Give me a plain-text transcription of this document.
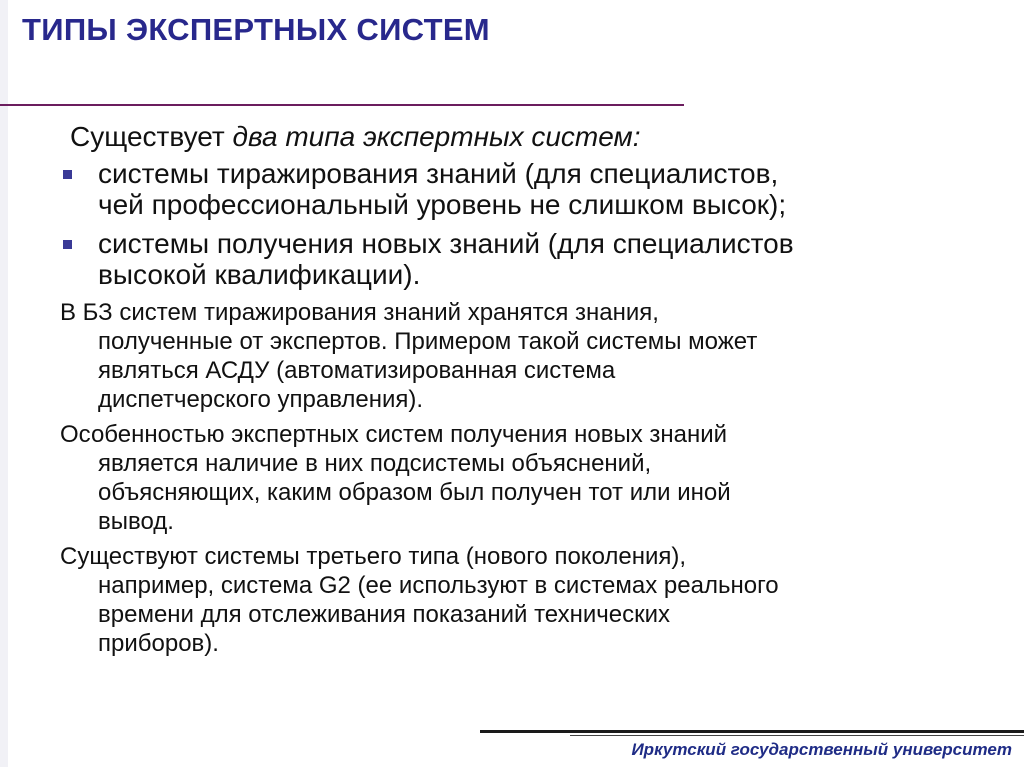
ТИПЫ ЭКСПЕРТНЫХ СИСТЕМ

Существует два типа экспертных систем:

системы тиражирования знаний (для специалистов,
чей профессиональный уровень не слишком высок);
системы получения новых знаний (для специалистов
высокой квалификации).

В БЗ систем тиражирования знаний хранятся знания,
полученные от экспертов. Примером такой системы может
являться АСДУ (автоматизированная система
диспетчерского управления).

Особенностью экспертных систем получения новых знаний
является наличие в них подсистемы объяснений,
объясняющих, каким образом был получен тот или иной
вывод.

Существуют системы третьего типа (нового поколения),
например, система G2 (ее используют в системах реального
времени для отслеживания показаний технических
приборов).

Иркутский государственный университет
